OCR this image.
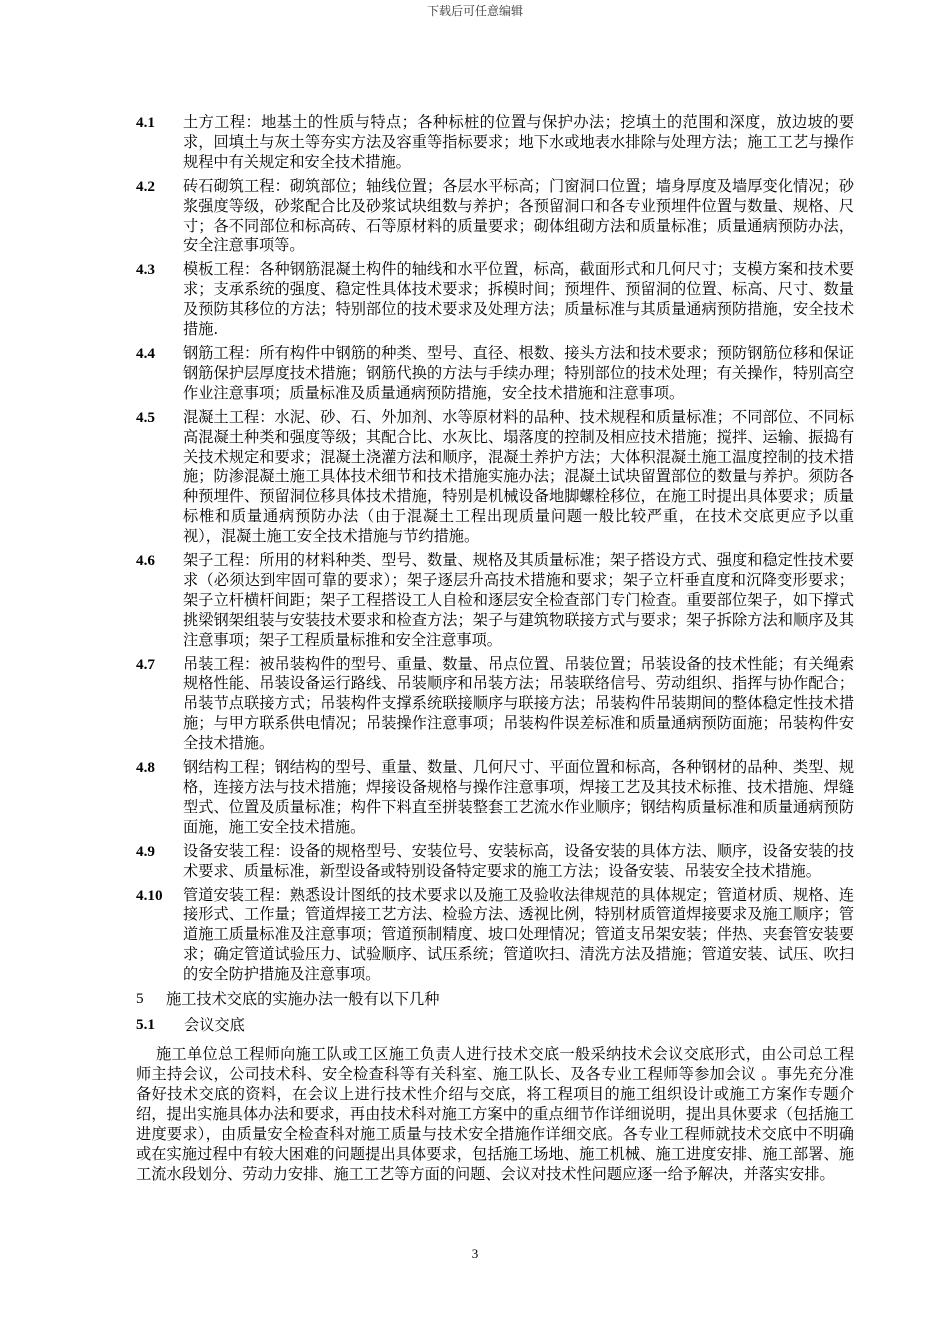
下载后可任意编辑
4.1	土方工程：地基土的性质与特点；各种标桩的位置与保护办法；挖填土的范围和深度，放边坡的要求，回填土与灰土等夯实方法及容重等指标要求；地下水或地表水排除与处理方法；施工工艺与操作规程中有关规定和安全技术措施。
4.2	砖石砌筑工程：砌筑部位；轴线位置；各层水平标高；门窗洞口位置；墙身厚度及墙厚变化情况；砂浆强度等级，砂浆配合比及砂浆试块组数与养护；各预留洞口和各专业预埋件位置与数量、规格、尺寸；各不同部位和标高砖、石等原材料的质量要求；砌体组砌方法和质量标准；质量通病预防办法，安全注意事项等。
4.3	模板工程：各种钢筋混凝土构件的轴线和水平位置，标高，截面形式和几何尺寸；支模方案和技术要求；支承系统的强度、稳定性具体技术要求；拆模时间；预埋件、预留洞的位置、标高、尺寸、数量及预防其移位的方法；特别部位的技术要求及处理方法；质量标准与其质量通病预防措施，安全技术措施.
4.4	钢筋工程：所有构件中钢筋的种类、型号、直径、根数、接头方法和技术要求；预防钢筋位移和保证钢筋保护层厚度技术措施；钢筋代换的方法与手续办理；特别部位的技术处理；有关操作，特别高空作业注意事项；质量标准及质量通病预防措施，安全技术措施和注意事项。
4.5	混凝土工程：水泥、砂、石、外加剂、水等原材料的品种、技术规程和质量标准；不同部位、不同标高混凝土种类和强度等级；其配合比、水灰比、塌落度的控制及相应技术措施；搅拌、运输、振捣有关技术规定和要求；混凝土浇灌方法和顺序，混凝土养护方法；大体积混凝土施工温度控制的技术措施；防渗混凝土施工具体技术细节和技术措施实施办法；混凝土试块留置部位的数量与养护。须防各种预埋件、预留洞位移具体技术措施，特别是机械设备地脚螺栓移位，在施工时提出具体要求；质量标椎和质量通病预防办法（由于混凝土工程出现质量问题一般比较严重，在技术交底更应予以重视），混凝土施工安全技术措施与节约措施。
4.6	架子工程：所用的材料种类、型号、数量、规格及其质量标准；架子搭设方式、强度和稳定性技术要求（必须达到牢固可靠的要求）；架子逐层升高技术措施和要求；架子立杆垂直度和沉降变形要求；架子立杆横杆间距；架子工程搭设工人自检和逐层安全检查部门专门检查。重要部位架子，如下撑式挑梁钢架组装与安装技术要求和检查方法；架子与建筑物联接方式与要求；架子拆除方法和顺序及其注意事项；架子工程质量标推和安全注意事项。
4.7	吊装工程：被吊装构件的型号、重量、数量、吊点位置、吊装位置；吊装设备的技术性能；有关绳索规格性能、吊装设备运行路线、吊装顺序和吊装方法；吊装联络信号、劳动组织、指挥与协作配合；吊装节点联接方式；吊装构件支撑系统联接顺序与联接方法；吊装构件吊装期间的整体稳定性技术措施；与甲方联系供电情况；吊装操作注意事项；吊装构件误差标准和质量通病预防面施；吊装构件安全技术措施。
4.8	钢结构工程；钢结构的型号、重量、数量、几何尺寸、平面位置和标高，各种钢材的品种、类型、规格，连接方法与技术措施；焊接设备规格与操作注意事项，焊接工艺及其技术标推、技术措施、焊缝型式、位置及质量标准；构件下料直至拼装整套工艺流水作业顺序；钢结构质量标准和质量通病预防面施，施工安全技术措施。
4.9	设备安装工程：设备的规格型号、安装位号、安装标高，设备安装的具体方法、顺序，设备安装的技术要求、质量标准，新型设备或特别设备特定要求的施工方法；设备安装、吊装安全技术措施。
4.10	管道安装工程：熟悉设计图纸的技术要求以及施工及验收法律规范的具体规定；管道材质、规格、连接形式、工作量；管道焊接工艺方法、检验方法、透视比例，特别材质管道焊接要求及施工顺序；管道施工质量标准及注意事项；管道预制精度、坡口处理情况；管道支吊架安装；伴热、夹套管安装要求；确定管道试验压力、试验顺序、试压系统；管道吹扫、清洗方法及措施；管道安装、试压、吹扫的安全防护措施及注意事项。
5	施工技术交底的实施办法一般有以下几种
5.1	会议交底
施工单位总工程师向施工队或工区施工负责人进行技术交底一般采纳技术会议交底形式，由公司总工程师主持会议，公司技术科、安全检查科等有关科室、施工队长、及各专业工程师等参加会议 。事先充分准备好技术交底的资料，在会议上进行技术性介绍与交底，将工程项目的施工组织设计或施工方案作专题介绍，提出实施具体办法和要求，再由技术科对施工方案中的重点细节作详细说明，提出具休要求（包括施工进度要求），由质量安全检查科对施工质量与技术安全措施作详细交底。各专业工程师就技术交底中不明确或在实施过程中有较大困难的问题提出具体要求，包括施工场地、施工机械、施工进度安排、施工部署、施工流水段划分、劳动力安排、施工工艺等方面的问题、会议对技术性问题应逐一给予解决，并落实安排。
3
